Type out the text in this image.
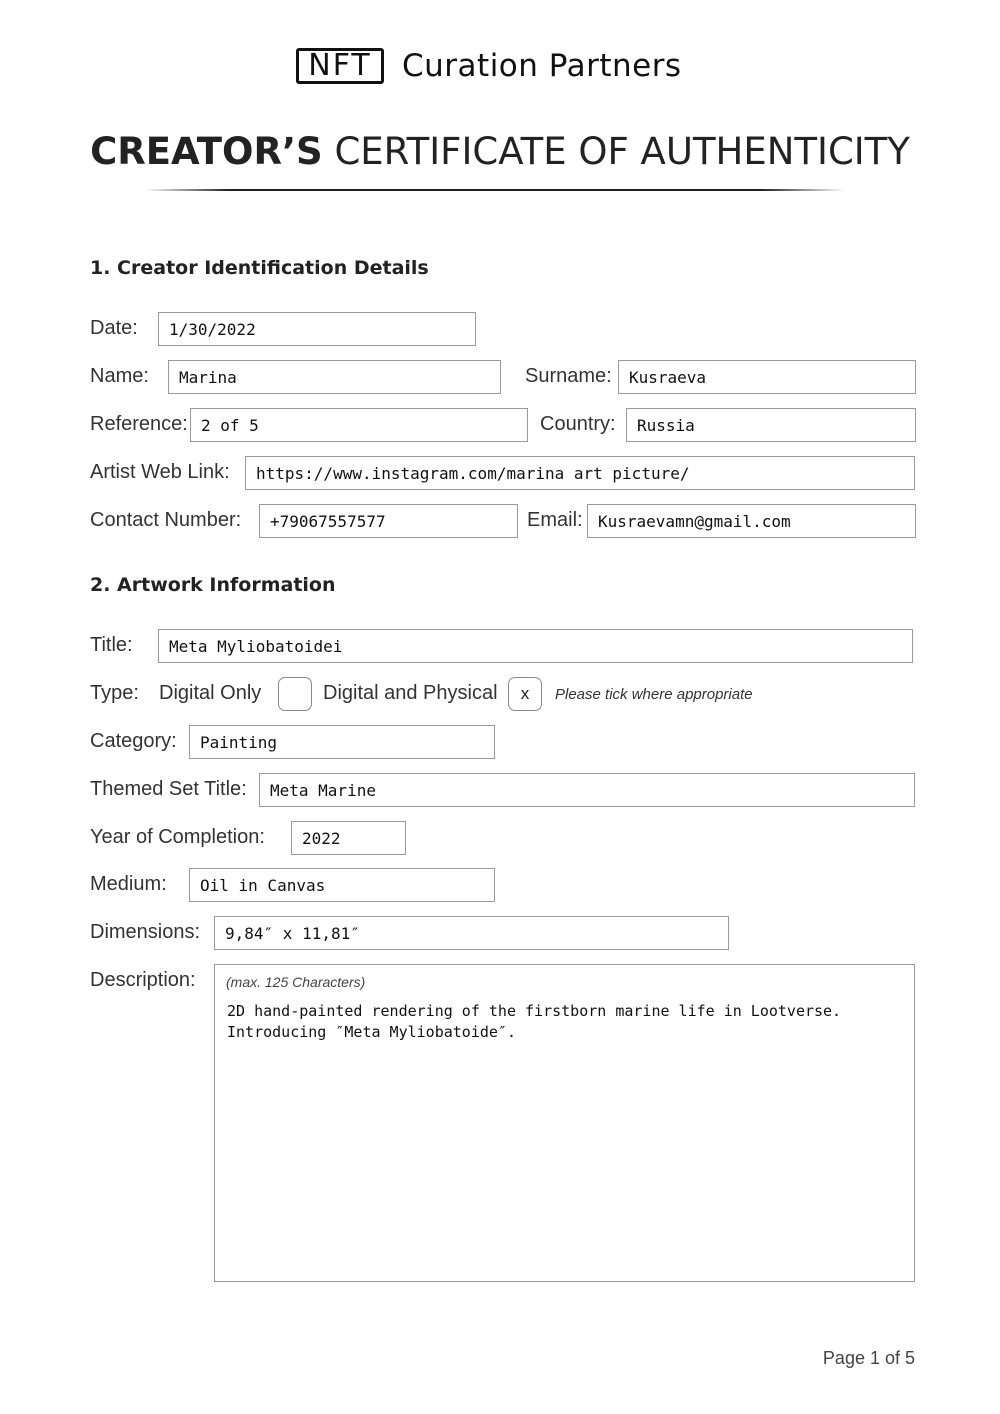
NFT Curation Partners
CREATOR’S CERTIFICATE OF AUTHENTICITY
1. Creator Identification Details
Date:	1/30/2022
Name:	Marina	Surname:	Kusraeva
Reference: 2 of 5	Country:	Russia
Artist Web Link:	https://www.instagram.com/marina art picture/
Contact Number:	+79067557577	Email: Kusraevamn@gmail.com
2. Artwork Information
Title:	Meta Myliobatoidei
Type: Digital Only	Digital and Physical	x	Please tick where appropriate
Category:	Painting
Themed Set Title:	Meta Marine
Year of Completion:	2022
Medium:	Oil in Canvas
Dimensions:	9,84″ x 11,81″
Description: (max. 125 Characters)
2D hand-painted rendering of the firstborn marine life in Lootverse.
Introducing ″Meta Myliobatoide″.
Page 1 of 5
